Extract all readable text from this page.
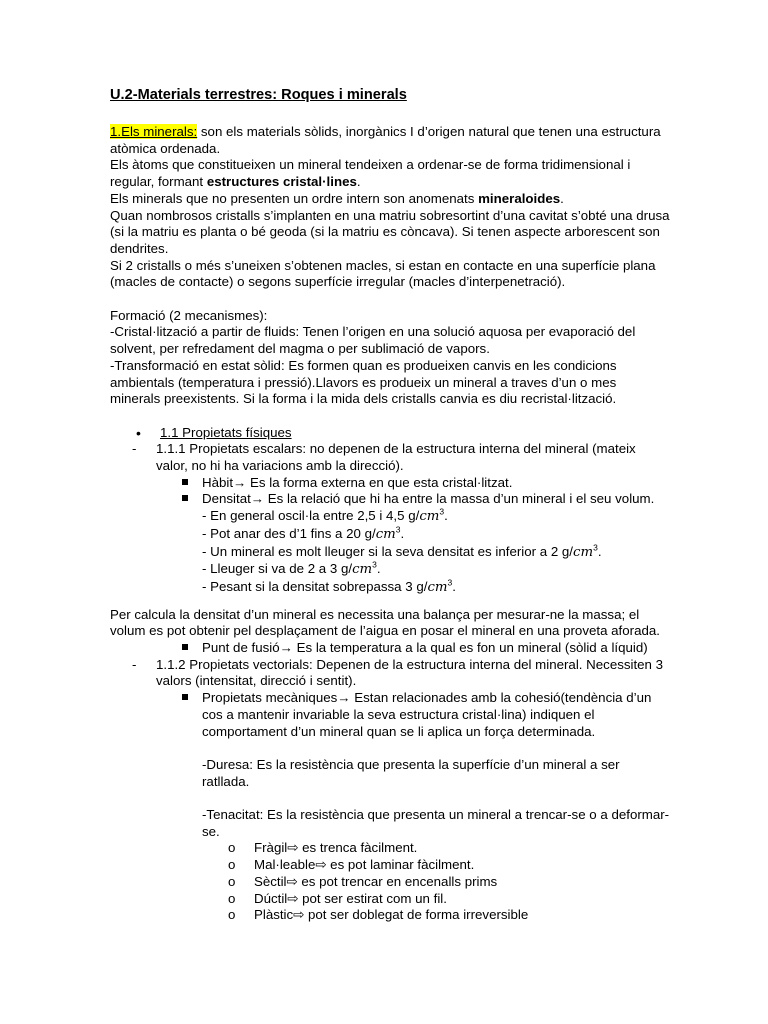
U.2-Materials terrestres: Roques i minerals

1.Els minerals: son els materials sòlids, inorgànics I d’origen natural que tenen una estructura atòmica ordenada.

Els àtoms que constitueixen un mineral tendeixen a ordenar-se de forma tridimensional i regular, formant estructures cristal·lines.

Els minerals que no presenten un ordre intern son anomenats mineraloides.

Quan nombrosos cristalls s’implanten en una matriu sobresortint d’una cavitat s’obté una drusa (si la matriu es planta o bé geoda (si la matriu es còncava). Si tenen aspecte arborescent son dendrites.

Si 2 cristalls o més s’uneixen s’obtenen macles, si estan en contacte en una superfície plana (macles de contacte) o segons superfície irregular (macles d’interpenetració).

Formació (2 mecanismes):

-Cristal·lització a partir de fluids: Tenen l’origen en una solució aquosa per evaporació del solvent, per refredament del magma o per sublimació de vapors.

-Transformació en estat sòlid: Es formen quan es produeixen canvis en les condicions ambientals (temperatura i pressió).Llavors es produeix un mineral a traves d’un o mes minerals preexistents. Si la forma i la mida dels cristalls canvia es diu recristal·lització.

• 1.1 Propietats físiques
- 1.1.1 Propietats escalars: no depenen de la estructura interna del mineral (mateix valor, no hi ha variacions amb la direcció).
Hàbit→ Es la forma externa en que esta cristal·litzat.
Densitat→ Es la relació que hi ha entre la massa d’un mineral i el seu volum.
- En general oscil·la entre 2,5 i 4,5 $g/cm^3$.
- Pot anar des d’1 fins a 20 $g/cm^3$.
- Un mineral es molt lleuger si la seva densitat es inferior a 2 $g/cm^3$.
- Lleuger si va de 2 a 3 $g/cm^3$.
- Pesant si la densitat sobrepassa 3 $g/cm^3$.

Per calcula la densitat d’un mineral es necessita una balança per mesurar-ne la massa; el volum es pot obtenir pel desplaçament de l’aigua en posar el mineral en una proveta aforada.

Punt de fusió→ Es la temperatura a la qual es fon un mineral (sòlid a líquid)
- 1.1.2 Propietats vectorials: Depenen de la estructura interna del mineral. Necessiten 3 valors (intensitat, direcció i sentit).
Propietats mecàniques→ Estan relacionades amb la cohesió(tendència d’un cos a mantenir invariable la seva estructura cristal·lina) indiquen el comportament d’un mineral quan se li aplica un força determinada.
-Duresa: Es la resistència que presenta la superfície d’un mineral a ser ratllada.
-Tenacitat: Es la resistència que presenta un mineral a trencar-se o a deformar-se.
o Fràgil⇨ es trenca fàcilment.
o Mal·leable⇨ es pot laminar fàcilment.
o Sèctil⇨ es pot trencar en encenalls prims
o Dúctil⇨ pot ser estirat com un fil.
o Plàstic⇨ pot ser doblegat de forma irreversible
